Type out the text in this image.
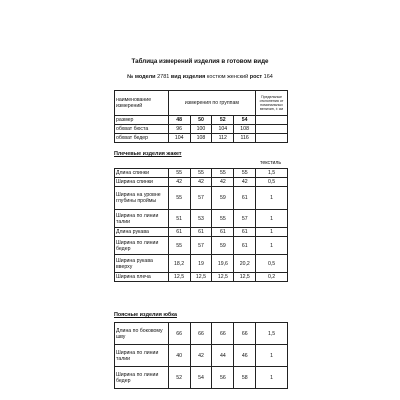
Таблица измерений изделия в готовом виде
№ модели 2781 вид изделия костюм женский рост 164
наименование измерений	измерения по группам				Предельные отклонения от номинальных величин, ± см
размер	48	50	52	54	
обхват бюста	96	100	104	108	
обхват бедер	104	108	112	116	
Плечевые изделия жакет
текстиль
Длина спинки	55	55	55	55	1,5
Ширина спинки	42	42	42	42	0,5
Ширина на уровне глубины проймы	55	57	59	61	1
Ширина по линии талии	51	53	55	57	1
Длина рукава	61	61	61	61	1
Ширина по линии бедер	55	57	59	61	1
Ширина рукава вверху	18,2	19	19,6	20,2	0,5
Ширина плеча	12,5	12,5	12,5	12,5	0,2
Поясные изделия юбка
Длина по боковому шву	66	66	66	66	1,5
Ширина по линии талии	40	42	44	46	1
Ширина по линии бедер	52	54	56	58	1
